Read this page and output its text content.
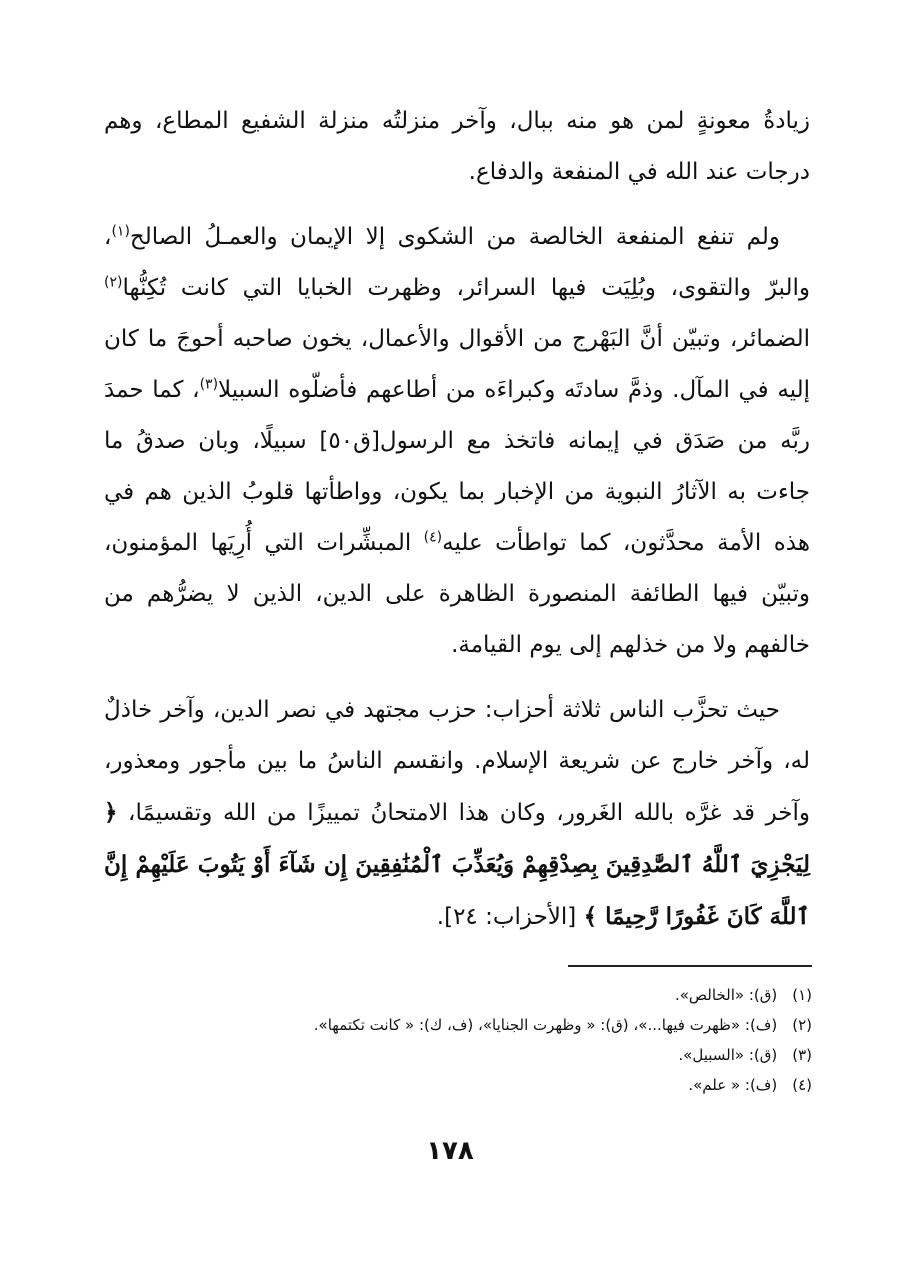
زيادةُ معونةٍ لمن هو منه ببال، وآخر منزلتُه منزلة الشفيع المطاع، وهم درجات عند الله في المنفعة والدفاع.

ولم تنفع المنفعة الخالصة من الشكوى إلا الإيمان والعمـلُ الصالح$^{(١)}$، والبرّ والتقوى، وبُلِيَت فيها السرائر، وظهرت الخبايا التي كانت تُكِنُّها$^{(٢)}$ الضمائر، وتبيّن أنَّ البَهْرج من الأقوال والأعمال، يخون صاحبه أحوجَ ما كان إليه في المآل. وذمَّ سادتَه وكبراءَه من أطاعهم فأضلّوه السبيلا$^{(٣)}$، كما حمدَ ربَّه من صَدَق في إيمانه فاتخذ مع الرسول[ق٥٠] سبيلًا، وبان صدقُ ما جاءت به الآثارُ النبوية من الإخبار بما يكون، وواطأتها قلوبُ الذين هم في هذه الأمة محدَّثون، كما تواطأت عليه$^{(٤)}$ المبشِّرات التي أُرِيَها المؤمنون، وتبيّن فيها الطائفة المنصورة الظاهرة على الدين، الذين لا يضرُّهم من خالفهم ولا من خذلهم إلى يوم القيامة.

حيث تحزَّب الناس ثلاثة أحزاب: حزب مجتهد في نصر الدين، وآخر خاذلٌ له، وآخر خارج عن شريعة الإسلام. وانقسم الناسُ ما بين مأجور ومعذور، وآخر قد غرَّه بالله الغَرور، وكان هذا الامتحانُ تمييزًا من الله وتقسيمًا، ﴿ لِيَجْزِيَ ٱللَّهُ ٱلصَّٰدِقِينَ بِصِدْقِهِمْ وَيُعَذِّبَ ٱلْمُنَٰفِقِينَ إِن شَآءَ أَوْ يَتُوبَ عَلَيْهِمْ إِنَّ ٱللَّهَ كَانَ غَفُورًا رَّحِيمًا ﴾ [الأحزاب: ٢٤].

(١) (ق): «الخالص».
(٢) (ف): «ظهرت فيها...»، (ق): « وظهرت الجنايا»، (ف، ك): « كانت تكتمها».
(٣) (ق): «السبيل».
(٤) (ف): « علم».
١٧٨
